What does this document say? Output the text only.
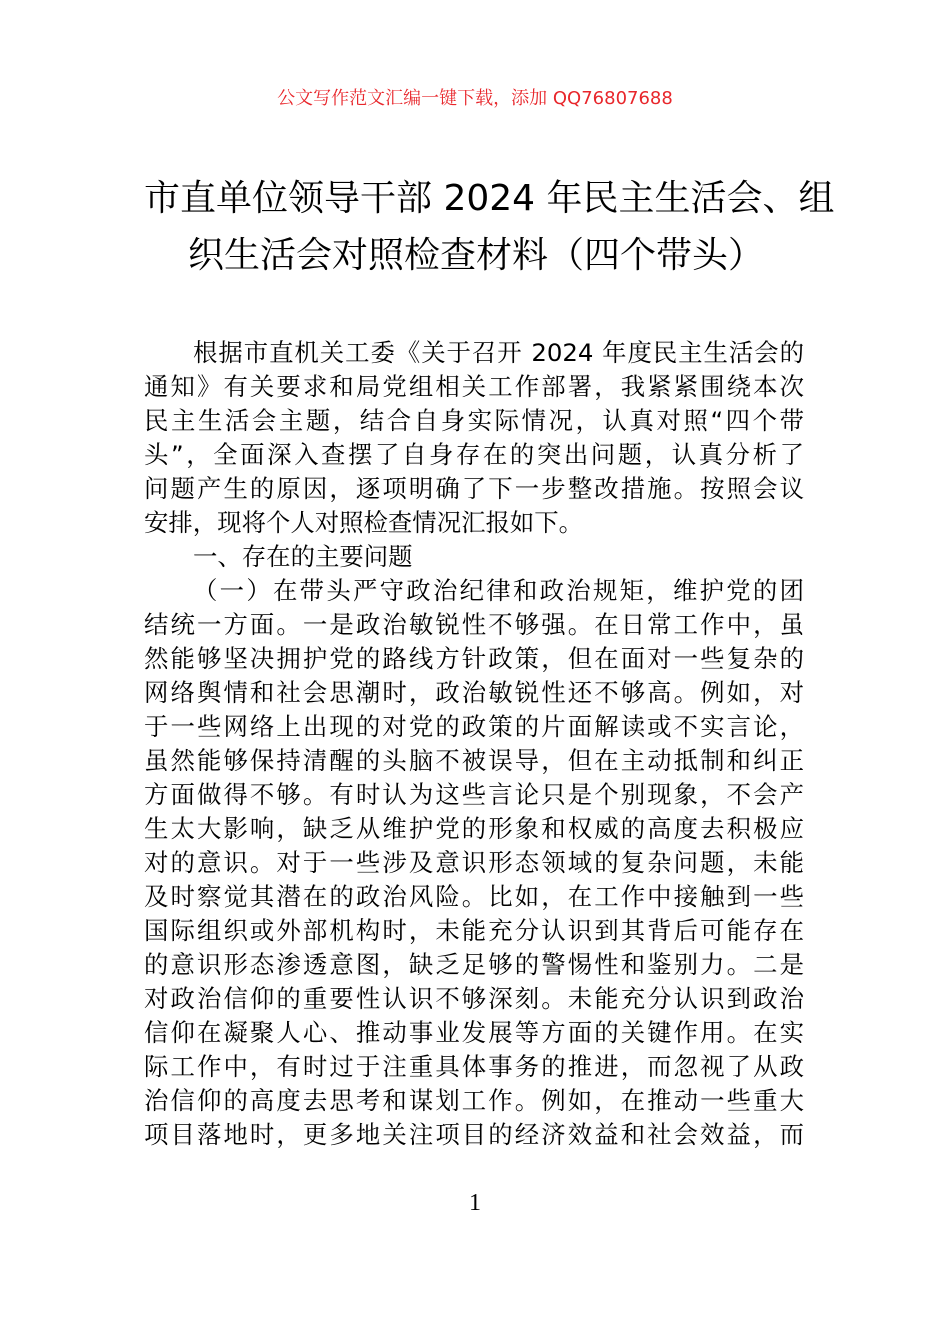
公文写作范文汇编一键下载，添加 QQ76807688
市直单位领导干部 2024 年民主生活会、组
织生活会对照检查材料（四个带头）
根据市直机关工委《关于召开 2024 年度民主生活会的
通知》有关要求和局党组相关工作部署，我紧紧围绕本次
民主生活会主题，结合自身实际情况，认真对照“四个带
头”，全面深入查摆了自身存在的突出问题，认真分析了
问题产生的原因，逐项明确了下一步整改措施。按照会议
安排，现将个人对照检查情况汇报如下。
一、存在的主要问题
（一）在带头严守政治纪律和政治规矩，维护党的团
结统一方面。一是政治敏锐性不够强。在日常工作中，虽
然能够坚决拥护党的路线方针政策，但在面对一些复杂的
网络舆情和社会思潮时，政治敏锐性还不够高。例如，对
于一些网络上出现的对党的政策的片面解读或不实言论，
虽然能够保持清醒的头脑不被误导，但在主动抵制和纠正
方面做得不够。有时认为这些言论只是个别现象，不会产
生太大影响，缺乏从维护党的形象和权威的高度去积极应
对的意识。对于一些涉及意识形态领域的复杂问题，未能
及时察觉其潜在的政治风险。比如，在工作中接触到一些
国际组织或外部机构时，未能充分认识到其背后可能存在
的意识形态渗透意图，缺乏足够的警惕性和鉴别力。二是
对政治信仰的重要性认识不够深刻。未能充分认识到政治
信仰在凝聚人心、推动事业发展等方面的关键作用。在实
际工作中，有时过于注重具体事务的推进，而忽视了从政
治信仰的高度去思考和谋划工作。例如，在推动一些重大
项目落地时，更多地关注项目的经济效益和社会效益，而
1
